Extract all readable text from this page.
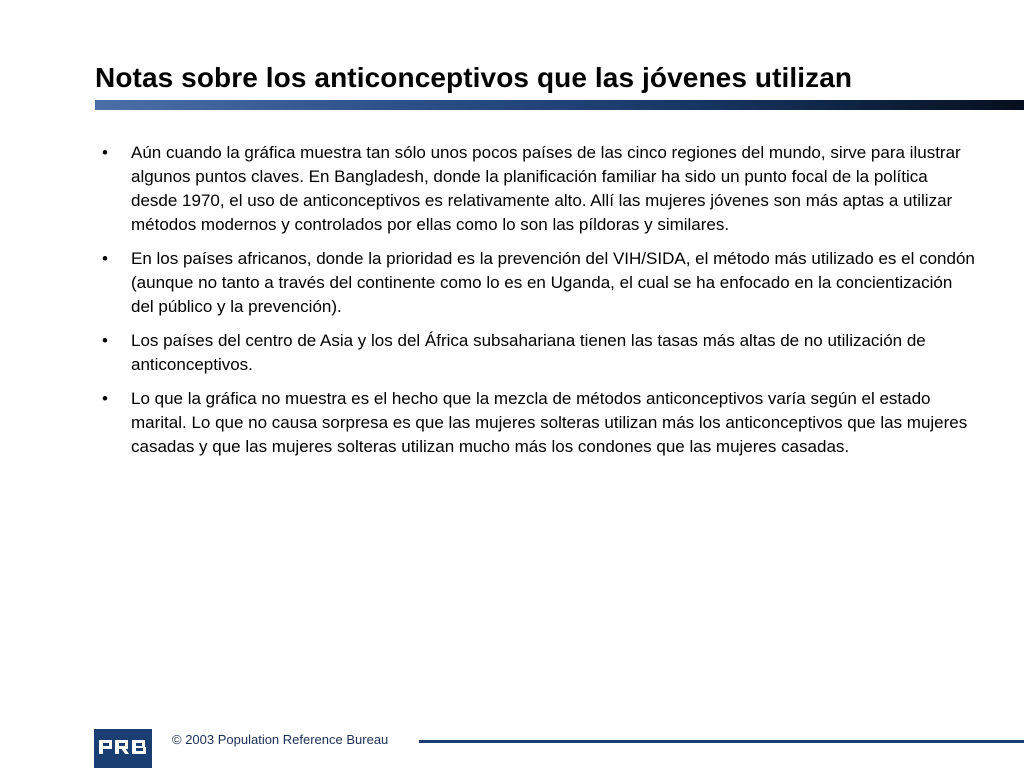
Notas sobre los anticonceptivos que las jóvenes utilizan
• Aún cuando la gráfica muestra tan sólo unos pocos países de las cinco regiones del mundo, sirve para ilustrar algunos puntos claves. En Bangladesh, donde la planificación familiar ha sido un punto focal de la política desde 1970, el uso de anticonceptivos es relativamente alto. Allí las mujeres jóvenes son más aptas a utilizar métodos modernos y controlados por ellas como lo son las píldoras y similares.
• En los países africanos, donde la prioridad es la prevención del VIH/SIDA, el método más utilizado es el condón (aunque no tanto a través del continente como lo es en Uganda, el cual se ha enfocado en la concientización del público y la prevención).
• Los países del centro de Asia y los del África subsahariana tienen las tasas más altas de no utilización de anticonceptivos.
• Lo que la gráfica no muestra es el hecho que la mezcla de métodos anticonceptivos varía según el estado marital. Lo que no causa sorpresa es que las mujeres solteras utilizan más los anticonceptivos que las mujeres casadas y que las mujeres solteras utilizan mucho más los condones que las mujeres casadas.
© 2003 Population Reference Bureau
